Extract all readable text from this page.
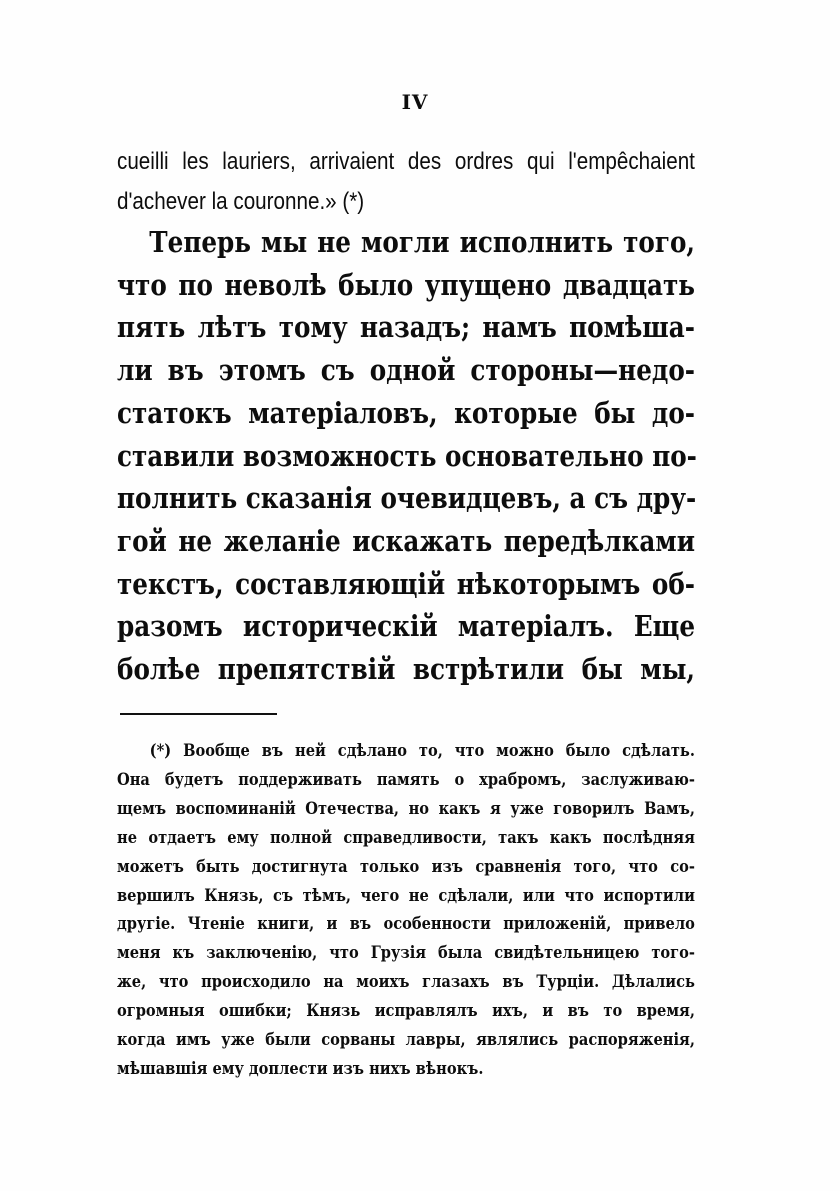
IV
cueilli les lauriers, arrivaient des ordres qui l'empêchaient
d'achever la couronne.» (*)
Теперь мы не могли исполнить того,
что по неволѣ было упущено двадцать
пять лѣтъ тому назадъ; намъ помѣша-
ли въ этомъ съ одной стороны—недо-
статокъ матеріаловъ, которые бы до-
ставили возможность основательно по-
полнить сказанія очевидцевъ, а съ дру-
гой не желаніе искажать передѣлками
текстъ, составляющій нѣкоторымъ об-
разомъ историческій матеріалъ. Еще
болѣе препятствій встрѣтили бы мы,
(*) Вообще въ ней сдѣлано то, что можно было сдѣлать.
Она будетъ поддерживать память о храбромъ, заслуживаю-
щемъ воспоминаній Отечества, но какъ я уже говорилъ Вамъ,
не отдаетъ ему полной справедливости, такъ какъ послѣдняя
можетъ быть достигнута только изъ сравненія того, что со-
вершилъ Князь, съ тѣмъ, чего не сдѣлали, или что испортили
другіе. Чтеніе книги, и въ особенности приложеній, привело
меня къ заключенію, что Грузія была свидѣтельницею того-
же, что происходило на моихъ глазахъ въ Турціи. Дѣлались
огромныя ошибки; Князь исправлялъ ихъ, и въ то время,
когда имъ уже были сорваны лавры, являлись распоряженія,
мѣшавшія ему доплести изъ нихъ вѣнокъ.
